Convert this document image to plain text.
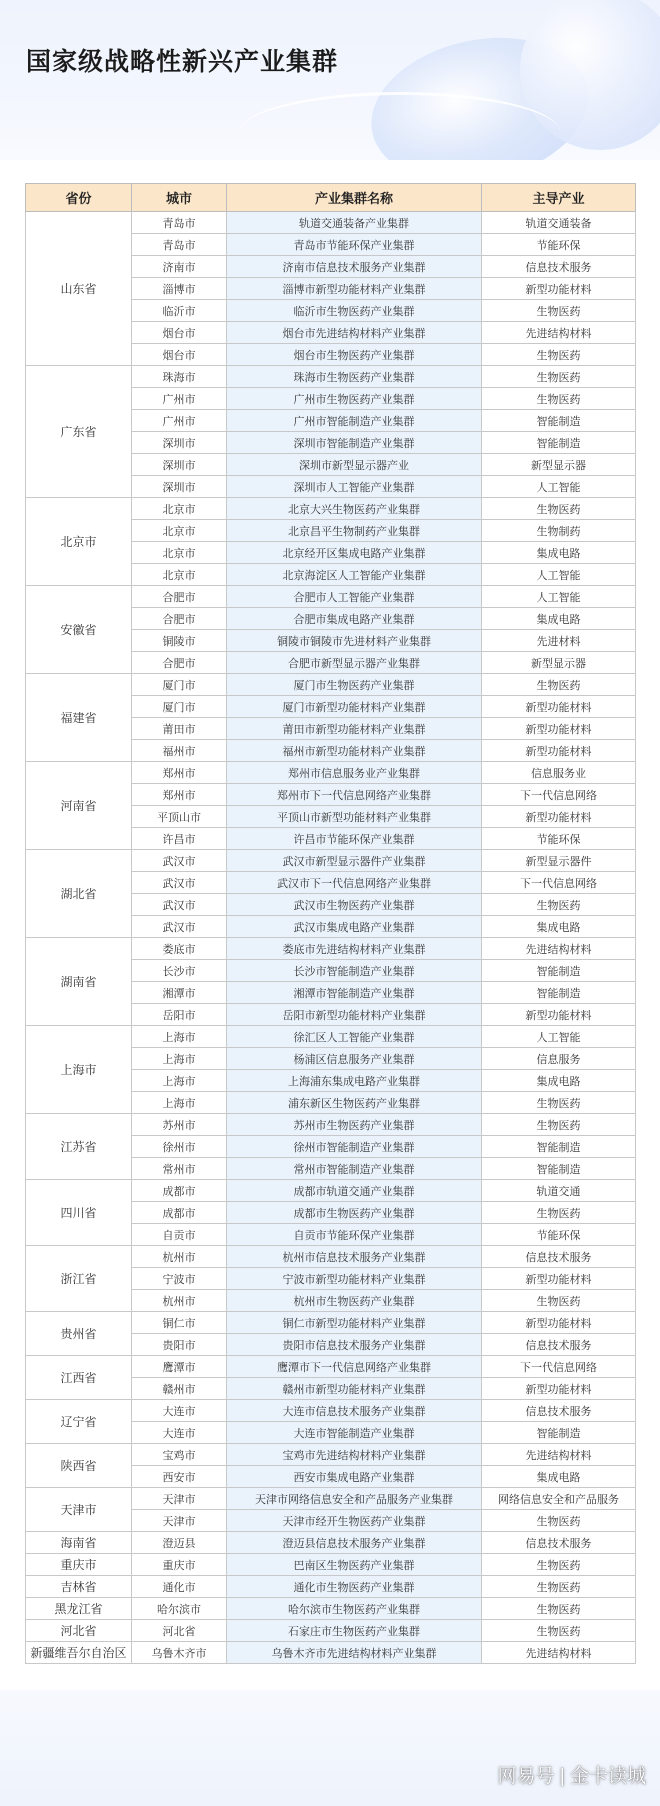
国家级战略性新兴产业集群
省份	城市	产业集群名称	主导产业
山东省	青岛市	轨道交通装备产业集群	轨道交通装备
	青岛市	青岛市节能环保产业集群	节能环保
	济南市	济南市信息技术服务产业集群	信息技术服务
	淄博市	淄博市新型功能材料产业集群	新型功能材料
	临沂市	临沂市生物医药产业集群	生物医药
	烟台市	烟台市先进结构材料产业集群	先进结构材料
	烟台市	烟台市生物医药产业集群	生物医药
广东省	珠海市	珠海市生物医药产业集群	生物医药
	广州市	广州市生物医药产业集群	生物医药
	广州市	广州市智能制造产业集群	智能制造
	深圳市	深圳市智能制造产业集群	智能制造
	深圳市	深圳市新型显示器产业	新型显示器
	深圳市	深圳市人工智能产业集群	人工智能
北京市	北京市	北京大兴生物医药产业集群	生物医药
	北京市	北京昌平生物制药产业集群	生物制药
	北京市	北京经开区集成电路产业集群	集成电路
	北京市	北京海淀区人工智能产业集群	人工智能
安徽省	合肥市	合肥市人工智能产业集群	人工智能
	合肥市	合肥市集成电路产业集群	集成电路
	铜陵市	铜陵市铜陵市先进材料产业集群	先进材料
	合肥市	合肥市新型显示器产业集群	新型显示器
福建省	厦门市	厦门市生物医药产业集群	生物医药
	厦门市	厦门市新型功能材料产业集群	新型功能材料
	莆田市	莆田市新型功能材料产业集群	新型功能材料
	福州市	福州市新型功能材料产业集群	新型功能材料
河南省	郑州市	郑州市信息服务业产业集群	信息服务业
	郑州市	郑州市下一代信息网络产业集群	下一代信息网络
	平顶山市	平顶山市新型功能材料产业集群	新型功能材料
	许昌市	许昌市节能环保产业集群	节能环保
湖北省	武汉市	武汉市新型显示器件产业集群	新型显示器件
	武汉市	武汉市下一代信息网络产业集群	下一代信息网络
	武汉市	武汉市生物医药产业集群	生物医药
	武汉市	武汉市集成电路产业集群	集成电路
湖南省	娄底市	娄底市先进结构材料产业集群	先进结构材料
	长沙市	长沙市智能制造产业集群	智能制造
	湘潭市	湘潭市智能制造产业集群	智能制造
	岳阳市	岳阳市新型功能材料产业集群	新型功能材料
上海市	上海市	徐汇区人工智能产业集群	人工智能
	上海市	杨浦区信息服务产业集群	信息服务
	上海市	上海浦东集成电路产业集群	集成电路
	上海市	浦东新区生物医药产业集群	生物医药
江苏省	苏州市	苏州市生物医药产业集群	生物医药
	徐州市	徐州市智能制造产业集群	智能制造
	常州市	常州市智能制造产业集群	智能制造
四川省	成都市	成都市轨道交通产业集群	轨道交通
	成都市	成都市生物医药产业集群	生物医药
	自贡市	自贡市节能环保产业集群	节能环保
浙江省	杭州市	杭州市信息技术服务产业集群	信息技术服务
	宁波市	宁波市新型功能材料产业集群	新型功能材料
	杭州市	杭州市生物医药产业集群	生物医药
贵州省	铜仁市	铜仁市新型功能材料产业集群	新型功能材料
	贵阳市	贵阳市信息技术服务产业集群	信息技术服务
江西省	鹰潭市	鹰潭市下一代信息网络产业集群	下一代信息网络
	赣州市	赣州市新型功能材料产业集群	新型功能材料
辽宁省	大连市	大连市信息技术服务产业集群	信息技术服务
	大连市	大连市智能制造产业集群	智能制造
陕西省	宝鸡市	宝鸡市先进结构材料产业集群	先进结构材料
	西安市	西安市集成电路产业集群	集成电路
天津市	天津市	天津市网络信息安全和产品服务产业集群	网络信息安全和产品服务
	天津市	天津市经开生物医药产业集群	生物医药
海南省	澄迈县	澄迈县信息技术服务产业集群	信息技术服务
重庆市	重庆市	巴南区生物医药产业集群	生物医药
吉林省	通化市	通化市生物医药产业集群	生物医药
黑龙江省	哈尔滨市	哈尔滨市生物医药产业集群	生物医药
河北省	河北省	石家庄市生物医药产业集群	生物医药
新疆维吾尔自治区	乌鲁木齐市	乌鲁木齐市先进结构材料产业集群	先进结构材料
网易号 | 金卡读城
